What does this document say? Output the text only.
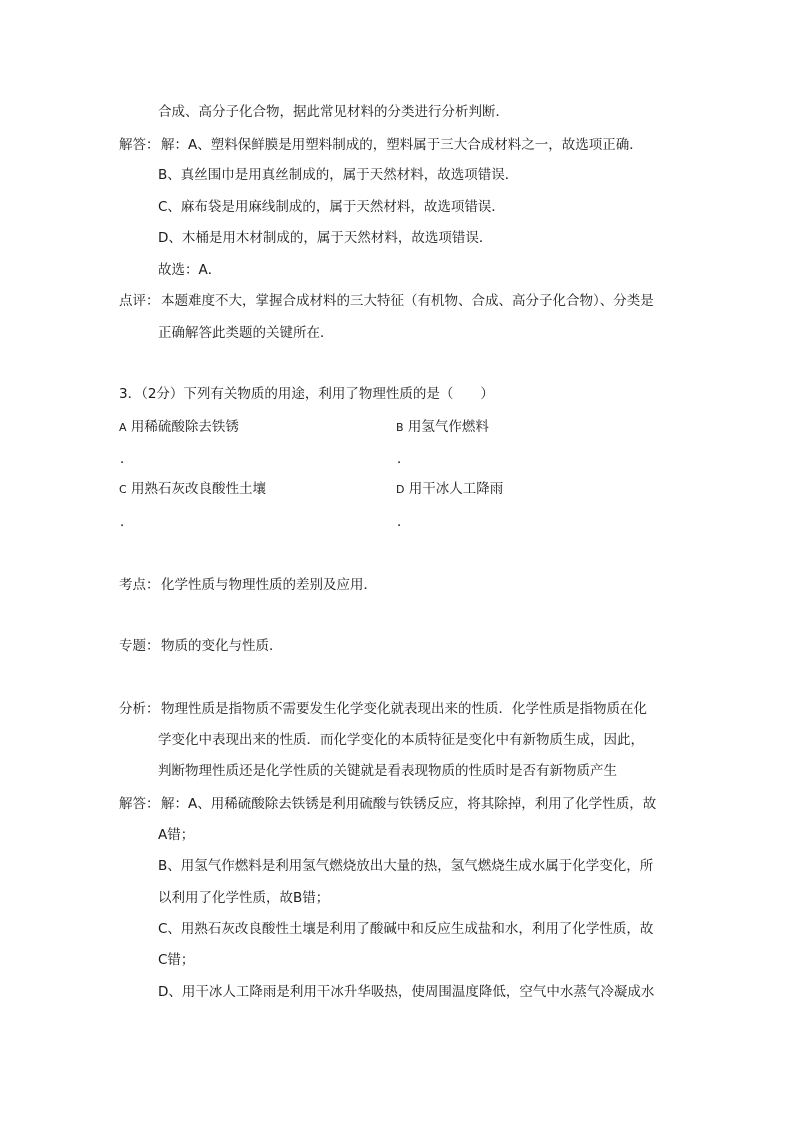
合成、高分子化合物，据此常见材料的分类进行分析判断．
解答： 解：A、塑料保鲜膜是用塑料制成的，塑料属于三大合成材料之一，故选项正确．
B、真丝围巾是用真丝制成的，属于天然材料，故选项错误．
C、麻布袋是用麻线制成的，属于天然材料，故选项错误．
D、木桶是用木材制成的，属于天然材料，故选项错误．
故选：A．
点评： 本题难度不大，掌握合成材料的三大特征（有机物、合成、高分子化合物）、分类是
正确解答此类题的关键所在．
3．（2分）下列有关物质的用途，利用了物理性质的是（　　）
A 用稀硫酸除去铁锈
．
B 用氢气作燃料
．
C 用熟石灰改良酸性土壤
．
D 用干冰人工降雨
．
考点： 化学性质与物理性质的差别及应用．
专题： 物质的变化与性质．
分析： 物理性质是指物质不需要发生化学变化就表现出来的性质．化学性质是指物质在化
学变化中表现出来的性质．而化学变化的本质特征是变化中有新物质生成，因此，
判断物理性质还是化学性质的关键就是看表现物质的性质时是否有新物质产生
解答： 解：A、用稀硫酸除去铁锈是利用硫酸与铁锈反应，将其除掉，利用了化学性质，故
A错；
B、用氢气作燃料是利用氢气燃烧放出大量的热，氢气燃烧生成水属于化学变化，所
以利用了化学性质，故B错；
C、用熟石灰改良酸性土壤是利用了酸碱中和反应生成盐和水，利用了化学性质，故
C错；
D、用干冰人工降雨是利用干冰升华吸热，使周围温度降低，空气中水蒸气冷凝成水
